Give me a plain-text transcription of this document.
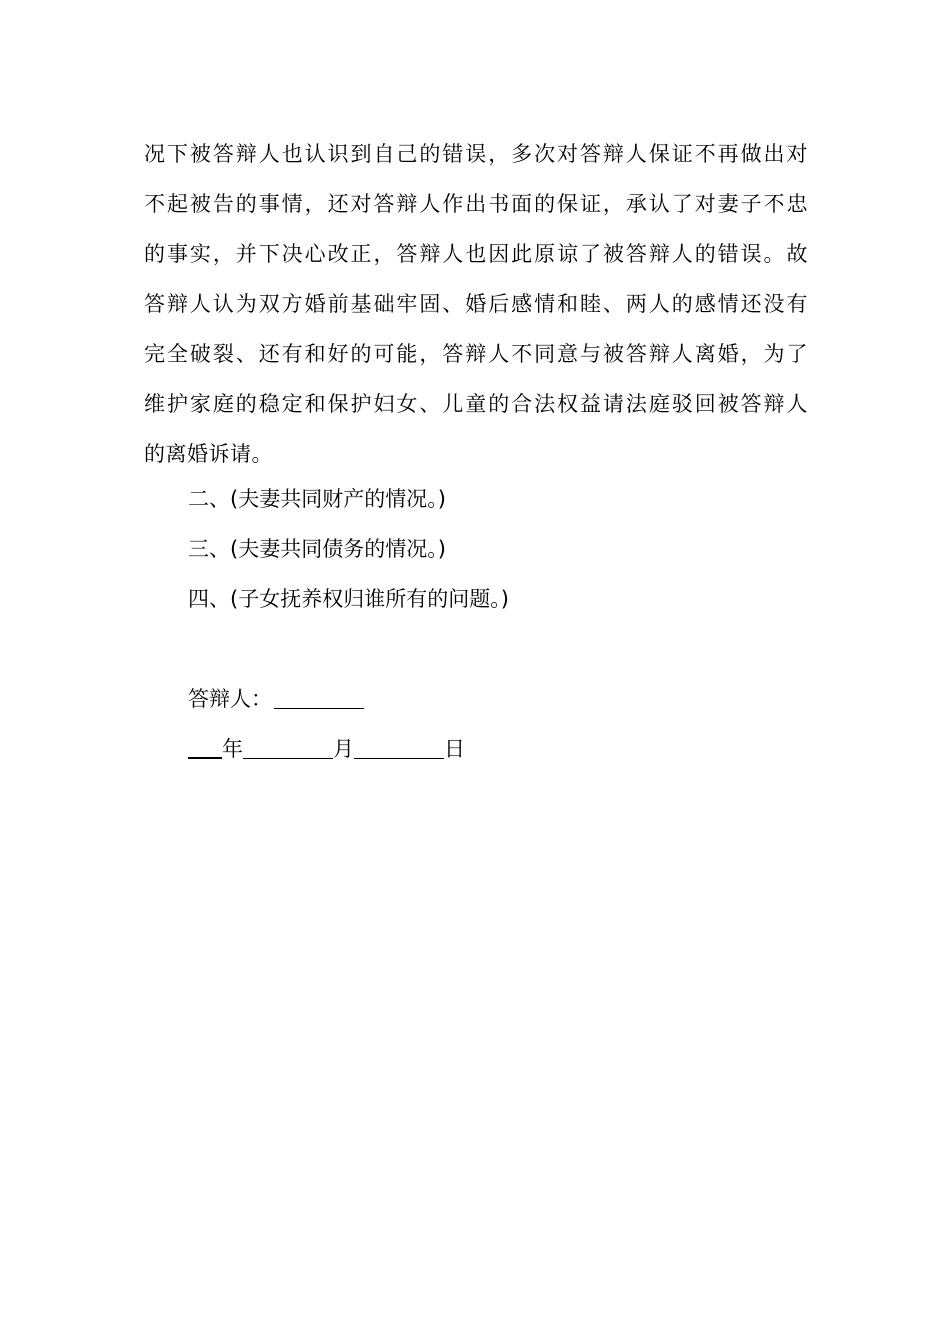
况下被答辩人也认识到自己的错误，多次对答辩人保证不再做出对
不起被告的事情，还对答辩人作出书面的保证，承认了对妻子不忠
的事实，并下决心改正，答辩人也因此原谅了被答辩人的错误。故
答辩人认为双方婚前基础牢固、婚后感情和睦、两人的感情还没有
完全破裂、还有和好的可能，答辩人不同意与被答辩人离婚，为了
维护家庭的稳定和保护妇女、儿童的合法权益请法庭驳回被答辩人
的离婚诉请。

二、(夫妻共同财产的情况。)

三、(夫妻共同债务的情况。)

四、(子女抚养权归谁所有的问题。)

答辩人：

年	月	日
